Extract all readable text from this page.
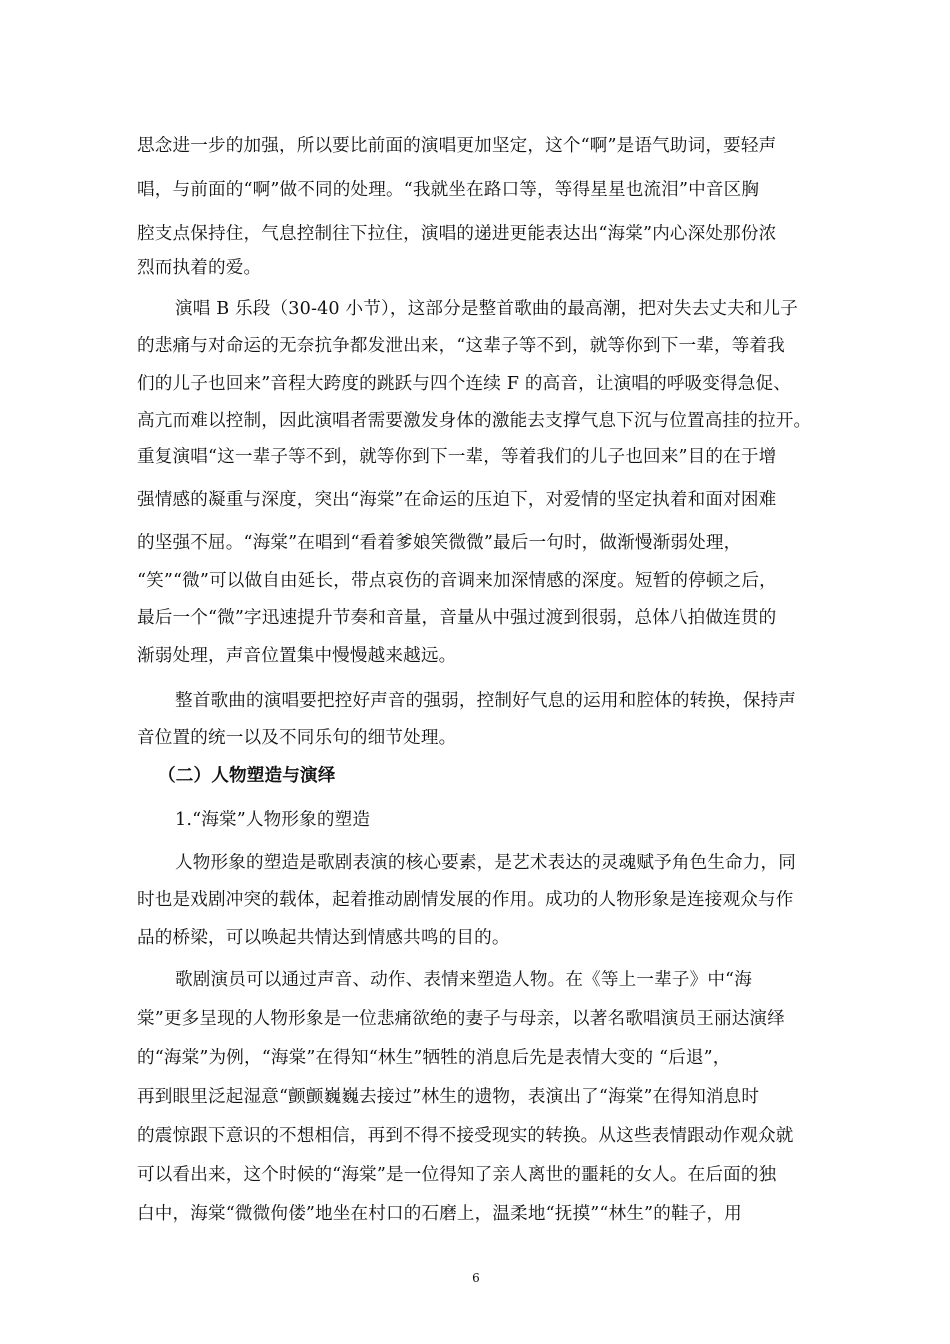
思念进一步的加强，所以要比前面的演唱更加坚定，这个“啊”是语气助词，要轻声
唱，与前面的“啊”做不同的处理。“我就坐在路口等，等得星星也流泪”中音区胸
腔支点保持住，气息控制往下拉住，演唱的递进更能表达出“海棠”内心深处那份浓
烈而执着的爱。
演唱 B 乐段（30-40 小节），这部分是整首歌曲的最高潮，把对失去丈夫和儿子
的悲痛与对命运的无奈抗争都发泄出来，“这辈子等不到，就等你到下一辈，等着我
们的儿子也回来”音程大跨度的跳跃与四个连续 F 的高音，让演唱的呼吸变得急促、
高亢而难以控制，因此演唱者需要激发身体的激能去支撑气息下沉与位置高挂的拉开。
重复演唱“这一辈子等不到，就等你到下一辈，等着我们的儿子也回来”目的在于增
强情感的凝重与深度，突出“海棠”在命运的压迫下，对爱情的坚定执着和面对困难
的坚强不屈。“海棠”在唱到“看着爹娘笑微微”最后一句时，做渐慢渐弱处理，
“笑”“微”可以做自由延长，带点哀伤的音调来加深情感的深度。短暂的停顿之后，
最后一个“微”字迅速提升节奏和音量，音量从中强过渡到很弱，总体八拍做连贯的
渐弱处理，声音位置集中慢慢越来越远。
整首歌曲的演唱要把控好声音的强弱，控制好气息的运用和腔体的转换，保持声
音位置的统一以及不同乐句的细节处理。
（二）人物塑造与演绎
1.“海棠”人物形象的塑造
人物形象的塑造是歌剧表演的核心要素，是艺术表达的灵魂赋予角色生命力，同
时也是戏剧冲突的载体，起着推动剧情发展的作用。成功的人物形象是连接观众与作
品的桥梁，可以唤起共情达到情感共鸣的目的。
歌剧演员可以通过声音、动作、表情来塑造人物。在《等上一辈子》中“海
棠”更多呈现的人物形象是一位悲痛欲绝的妻子与母亲，以著名歌唱演员王丽达演绎
的“海棠”为例，“海棠”在得知“林生”牺牲的消息后先是表情大变的 “后退”，
再到眼里泛起湿意“颤颤巍巍去接过”林生的遗物，表演出了“海棠”在得知消息时
的震惊跟下意识的不想相信，再到不得不接受现实的转换。从这些表情跟动作观众就
可以看出来，这个时候的“海棠”是一位得知了亲人离世的噩耗的女人。在后面的独
白中，海棠“微微佝偻”地坐在村口的石磨上，温柔地“抚摸”“林生”的鞋子，用
6
